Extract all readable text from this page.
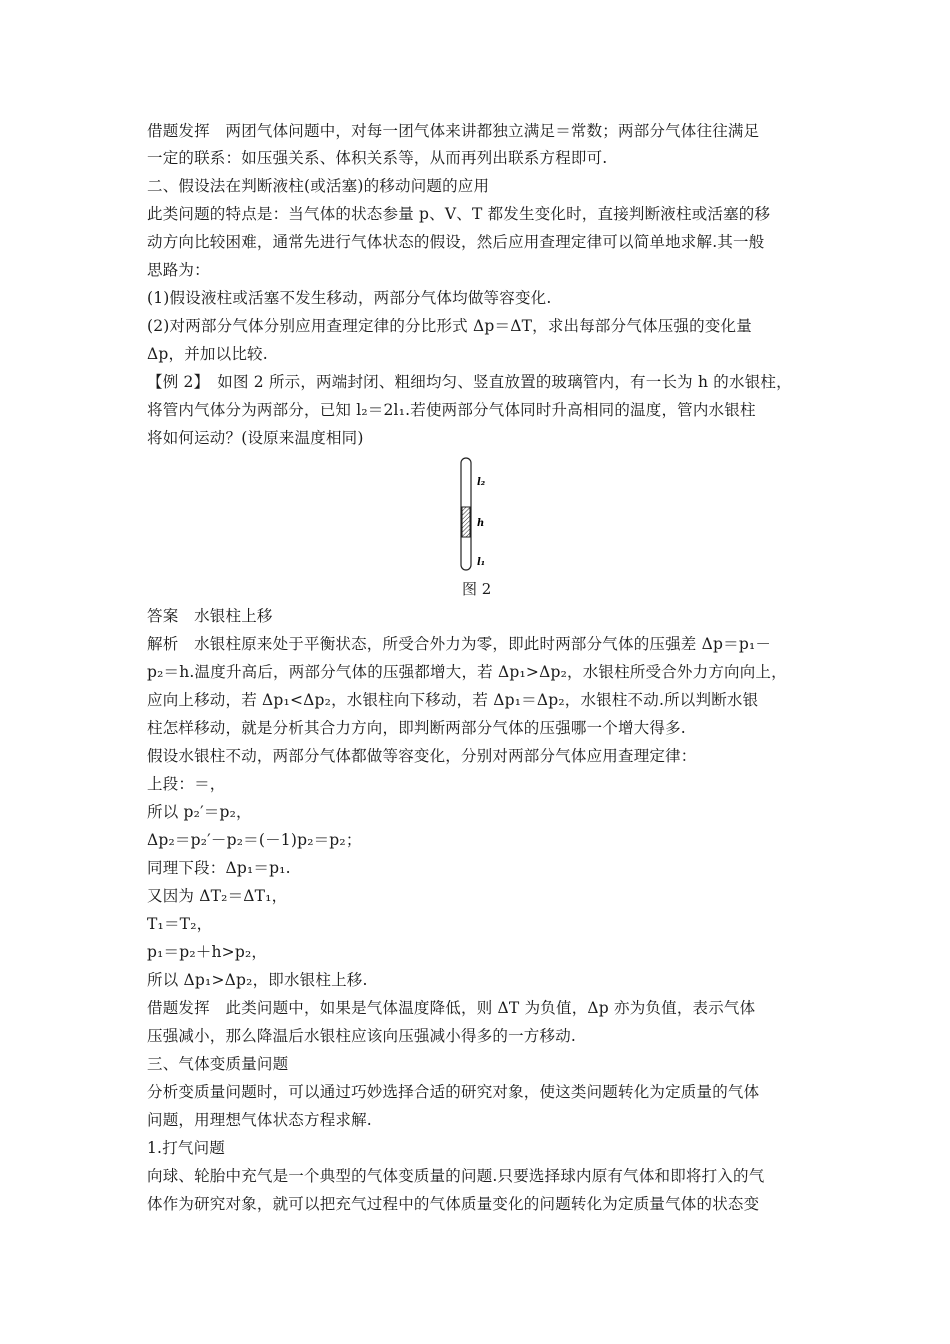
借题发挥　两团气体问题中，对每一团气体来讲都独立满足＝常数；两部分气体往往满足
一定的联系：如压强关系、体积关系等，从而再列出联系方程即可.
二、假设法在判断液柱(或活塞)的移动问题的应用
此类问题的特点是：当气体的状态参量 p、V、T 都发生变化时，直接判断液柱或活塞的移
动方向比较困难，通常先进行气体状态的假设，然后应用查理定律可以简单地求解.其一般
思路为：
(1)假设液柱或活塞不发生移动，两部分气体均做等容变化.
(2)对两部分气体分别应用查理定律的分比形式 Δp＝ΔT，求出每部分气体压强的变化量
Δp，并加以比较.
【例 2】　如图 2 所示，两端封闭、粗细均匀、竖直放置的玻璃管内，有一长为 h 的水银柱，
将管内气体分为两部分，已知 l₂＝2l₁.若使两部分气体同时升高相同的温度，管内水银柱
将如何运动？(设原来温度相同)
答案　水银柱上移
解析　水银柱原来处于平衡状态，所受合外力为零，即此时两部分气体的压强差 Δp＝p₁－
p₂＝h.温度升高后，两部分气体的压强都增大，若 Δp₁>Δp₂，水银柱所受合外力方向向上，
应向上移动，若 Δp₁<Δp₂，水银柱向下移动，若 Δp₁＝Δp₂，水银柱不动.所以判断水银
柱怎样移动，就是分析其合力方向，即判断两部分气体的压强哪一个增大得多.
假设水银柱不动，两部分气体都做等容变化，分别对两部分气体应用查理定律：
上段：＝，
所以 p₂′＝p₂，
Δp₂＝p₂′－p₂＝(－1)p₂＝p₂；
同理下段：Δp₁＝p₁.
又因为 ΔT₂＝ΔT₁，
T₁＝T₂，
p₁＝p₂＋h>p₂，
所以 Δp₁>Δp₂，即水银柱上移.
借题发挥　此类问题中，如果是气体温度降低，则 ΔT 为负值，Δp 亦为负值，表示气体
压强减小，那么降温后水银柱应该向压强减小得多的一方移动.
三、气体变质量问题
分析变质量问题时，可以通过巧妙选择合适的研究对象，使这类问题转化为定质量的气体
问题，用理想气体状态方程求解.
1.打气问题
向球、轮胎中充气是一个典型的气体变质量的问题.只要选择球内原有气体和即将打入的气
体作为研究对象，就可以把充气过程中的气体质量变化的问题转化为定质量气体的状态变
l₂
h
l₁
图 2
